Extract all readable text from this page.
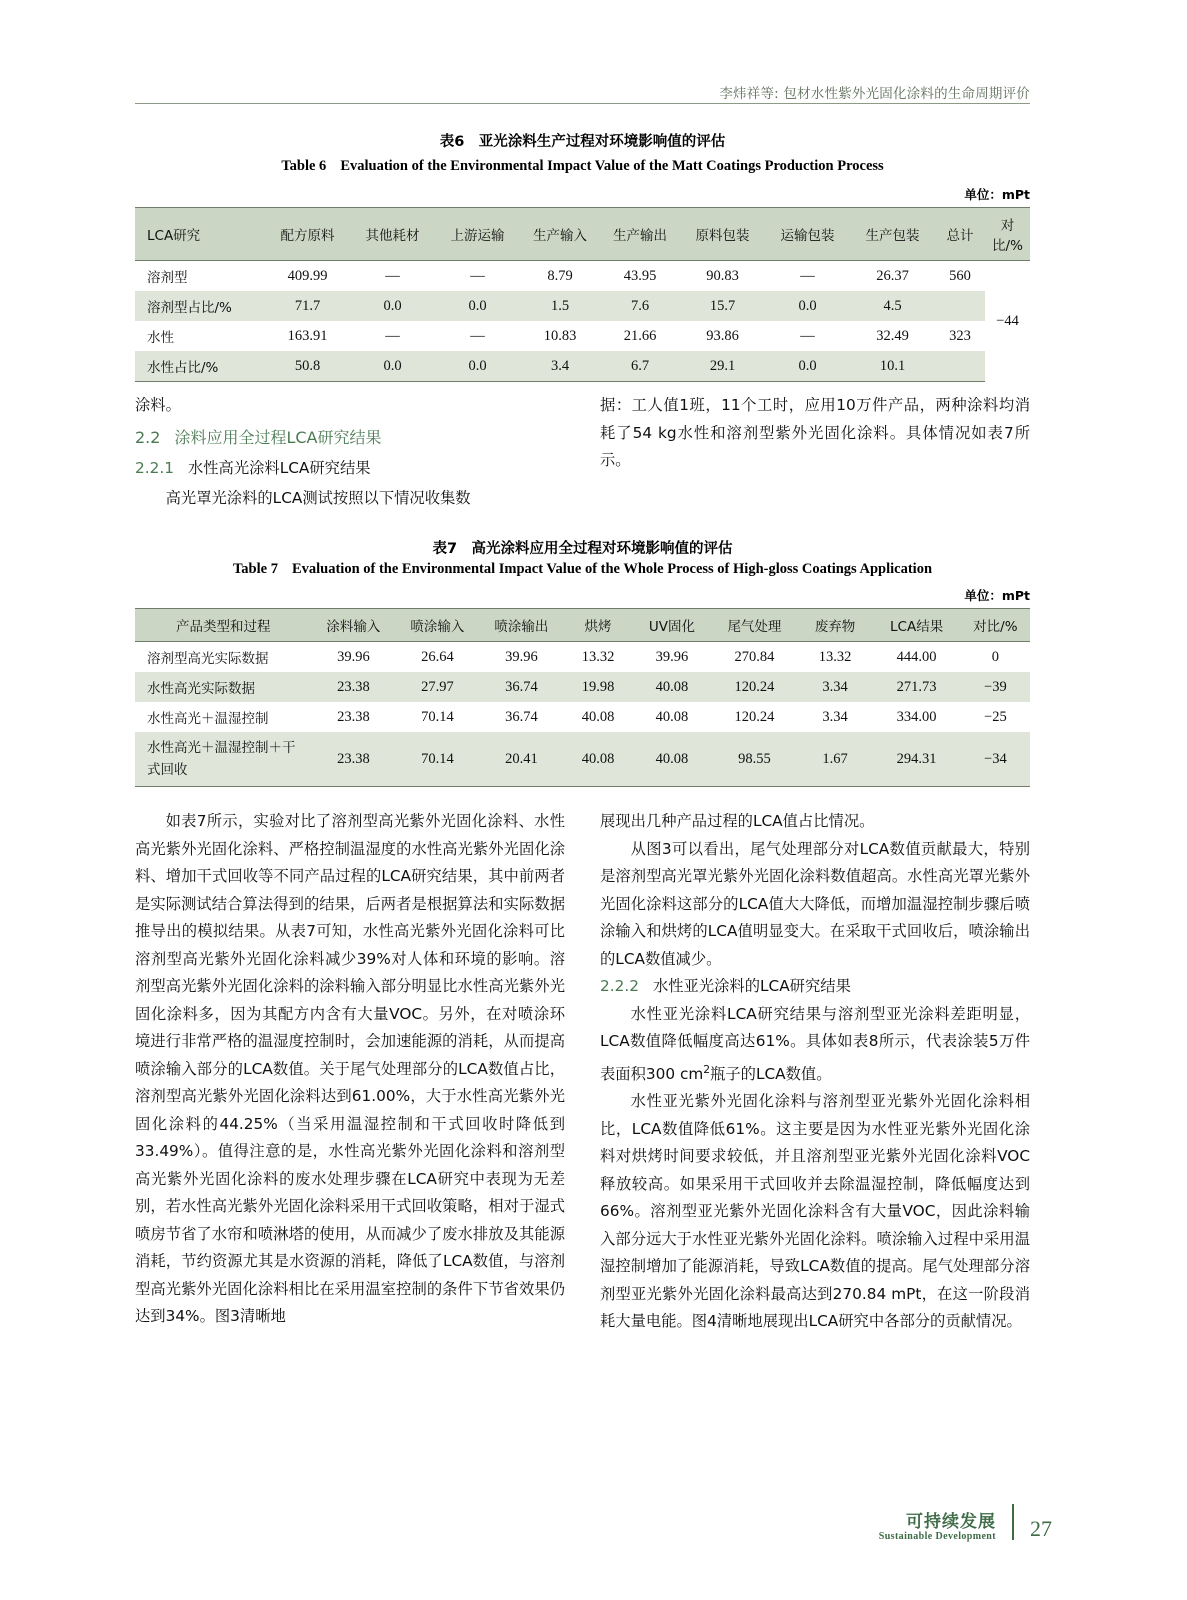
李炜祥等: 包材水性紫外光固化涂料的生命周期评价
表6　亚光涂料生产过程对环境影响值的评估
Table 6 Evaluation of the Environmental Impact Value of the Matt Coatings Production Process
单位：mPt
LCA研究	配方原料	其他耗材	上游运输	生产输入	生产输出	原料包装	运输包装	生产包装	总计	对比/%
溶剂型	409.99	—	—	8.79	43.95	90.83	—	26.37	560	−44
溶剂型占比/%	71.7	0.0	0.0	1.5	7.6	15.7	0.0	4.5		
水性	163.91	—	—	10.83	21.66	93.86	—	32.49	323	
水性占比/%	50.8	0.0	0.0	3.4	6.7	29.1	0.0	10.1		

涂料。

2.2 涂料应用全过程LCA研究结果
2.2.1 水性高光涂料LCA研究结果

高光罩光涂料的LCA测试按照以下情况收集数

据：工人值1班，11个工时，应用10万件产品，两种涂料均消耗了54 kg水性和溶剂型紫外光固化涂料。具体情况如表7所示。

表7　高光涂料应用全过程对环境影响值的评估
Table 7 Evaluation of the Environmental Impact Value of the Whole Process of High-gloss Coatings Application
单位：mPt
产品类型和过程	涂料输入	喷涂输入	喷涂输出	烘烤	UV固化	尾气处理	废弃物	LCA结果	对比/%
溶剂型高光实际数据	39.96	26.64	39.96	13.32	39.96	270.84	13.32	444.00	0
水性高光实际数据	23.38	27.97	36.74	19.98	40.08	120.24	3.34	271.73	−39
水性高光＋温湿控制	23.38	70.14	36.74	40.08	40.08	120.24	3.34	334.00	−25
水性高光＋温湿控制＋干式回收	23.38	70.14	20.41	40.08	40.08	98.55	1.67	294.31	−34

如表7所示，实验对比了溶剂型高光紫外光固化涂料、水性高光紫外光固化涂料、严格控制温湿度的水性高光紫外光固化涂料、增加干式回收等不同产品过程的LCA研究结果，其中前两者是实际测试结合算法得到的结果，后两者是根据算法和实际数据推导出的模拟结果。从表7可知，水性高光紫外光固化涂料可比溶剂型高光紫外光固化涂料减少39%对人体和环境的影响。溶剂型高光紫外光固化涂料的涂料输入部分明显比水性高光紫外光固化涂料多，因为其配方内含有大量VOC。另外，在对喷涂环境进行非常严格的温湿度控制时，会加速能源的消耗，从而提高喷涂输入部分的LCA数值。关于尾气处理部分的LCA数值占比，溶剂型高光紫外光固化涂料达到61.00%，大于水性高光紫外光固化涂料的44.25%（当采用温湿控制和干式回收时降低到33.49%）。值得注意的是，水性高光紫外光固化涂料和溶剂型高光紫外光固化涂料的废水处理步骤在LCA研究中表现为无差别，若水性高光紫外光固化涂料采用干式回收策略，相对于湿式喷房节省了水帘和喷淋塔的使用，从而减少了废水排放及其能源消耗，节约资源尤其是水资源的消耗，降低了LCA数值，与溶剂型高光紫外光固化涂料相比在采用温室控制的条件下节省效果仍达到34%。图3清晰地

展现出几种产品过程的LCA值占比情况。

从图3可以看出，尾气处理部分对LCA数值贡献最大，特别是溶剂型高光罩光紫外光固化涂料数值超高。水性高光罩光紫外光固化涂料这部分的LCA值大大降低，而增加温湿控制步骤后喷涂输入和烘烤的LCA值明显变大。在采取干式回收后，喷涂输出的LCA数值减少。

2.2.2 水性亚光涂料的LCA研究结果

水性亚光涂料LCA研究结果与溶剂型亚光涂料差距明显，LCA数值降低幅度高达61%。具体如表8所示，代表涂装5万件表面积300 $cm^2$瓶子的LCA数值。

水性亚光紫外光固化涂料与溶剂型亚光紫外光固化涂料相比，LCA数值降低61%。这主要是因为水性亚光紫外光固化涂料对烘烤时间要求较低，并且溶剂型亚光紫外光固化涂料VOC释放较高。如果采用干式回收并去除温湿控制，降低幅度达到66%。溶剂型亚光紫外光固化涂料含有大量VOC，因此涂料输入部分远大于水性亚光紫外光固化涂料。喷涂输入过程中采用温湿控制增加了能源消耗，导致LCA数值的提高。尾气处理部分溶剂型亚光紫外光固化涂料最高达到270.84 mPt，在这一阶段消耗大量电能。图4清晰地展现出LCA研究中各部分的贡献情况。

可持续发展
Sustainable Development 27
